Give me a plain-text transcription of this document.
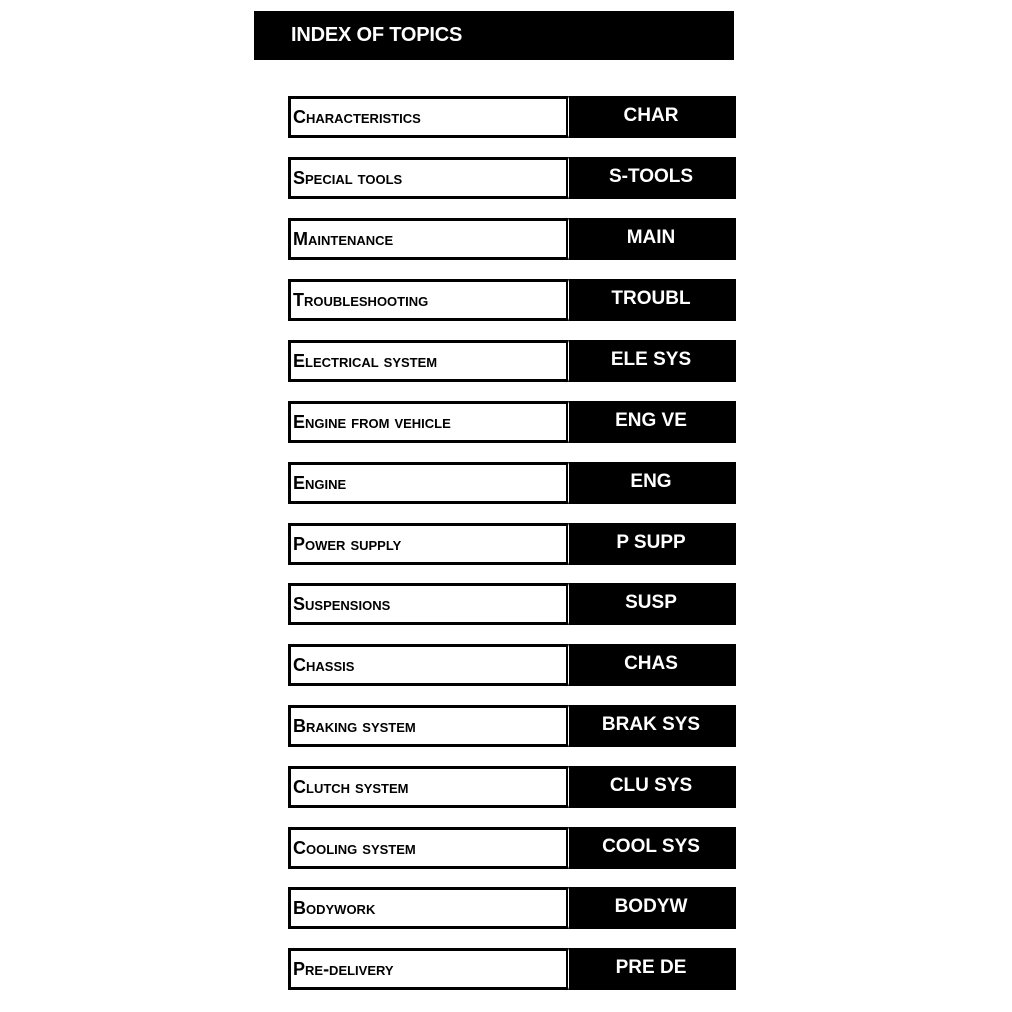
INDEX OF TOPICS
Characteristics	CHAR
Special tools	S-TOOLS
Maintenance	MAIN
Troubleshooting	TROUBL
Electrical system	ELE SYS
Engine from vehicle	ENG VE
Engine	ENG
Power supply	P SUPP
Suspensions	SUSP
Chassis	CHAS
Braking system	BRAK SYS
Clutch system	CLU SYS
Cooling system	COOL SYS
Bodywork	BODYW
Pre-delivery	PRE DE
